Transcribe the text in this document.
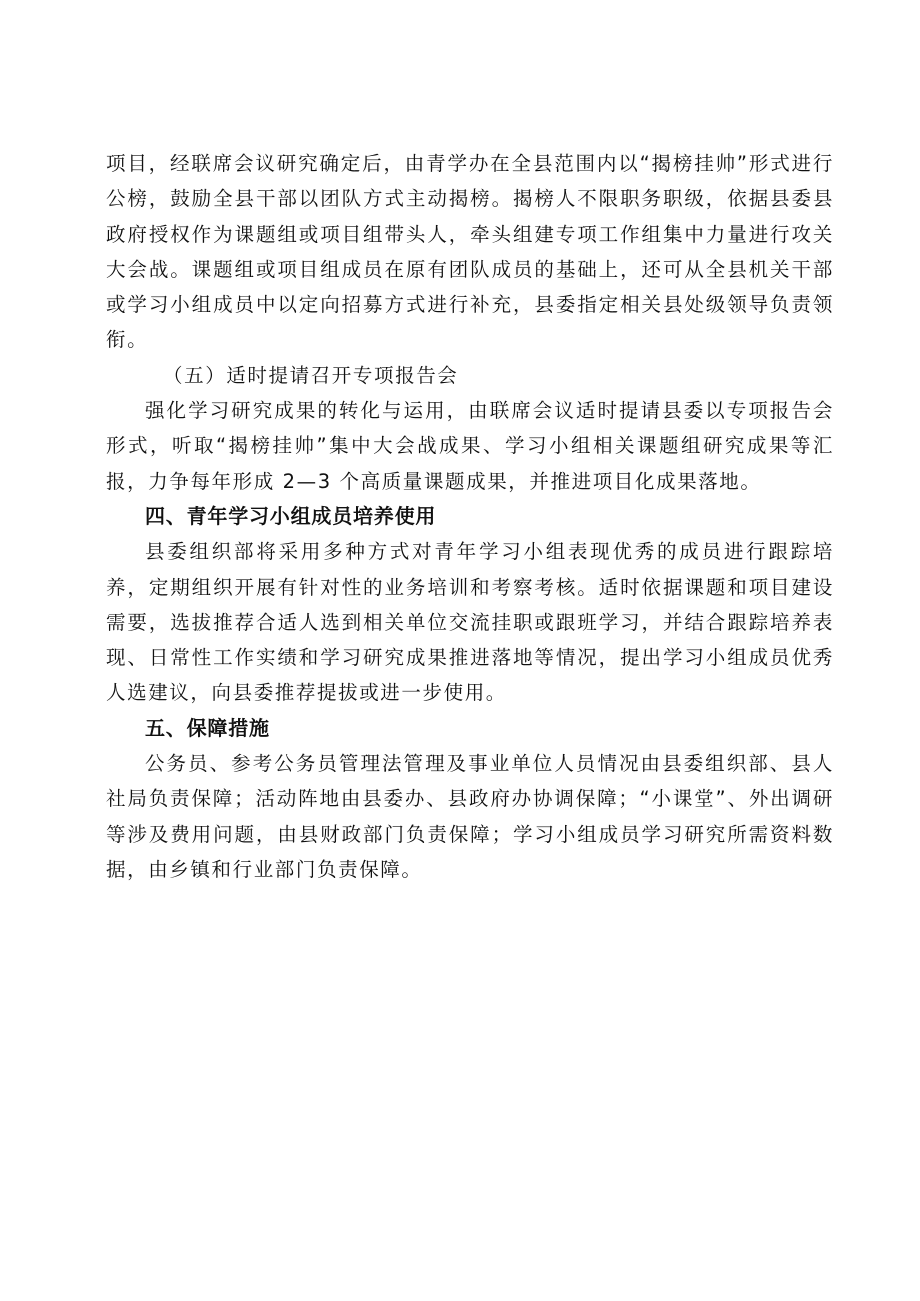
项目，经联席会议研究确定后，由青学办在全县范围内以“揭榜挂帅”形式进行公榜，鼓励全县干部以团队方式主动揭榜。揭榜人不限职务职级，依据县委县政府授权作为课题组或项目组带头人，牵头组建专项工作组集中力量进行攻关大会战。课题组或项目组成员在原有团队成员的基础上，还可从全县机关干部或学习小组成员中以定向招募方式进行补充，县委指定相关县处级领导负责领衔。

（五）适时提请召开专项报告会

强化学习研究成果的转化与运用，由联席会议适时提请县委以专项报告会形式，听取“揭榜挂帅”集中大会战成果、学习小组相关课题组研究成果等汇报，力争每年形成 2—3 个高质量课题成果，并推进项目化成果落地。

四、青年学习小组成员培养使用

县委组织部将采用多种方式对青年学习小组表现优秀的成员进行跟踪培养，定期组织开展有针对性的业务培训和考察考核。适时依据课题和项目建设需要，选拔推荐合适人选到相关单位交流挂职或跟班学习，并结合跟踪培养表现、日常性工作实绩和学习研究成果推进落地等情况，提出学习小组成员优秀人选建议，向县委推荐提拔或进一步使用。

五、保障措施

公务员、参考公务员管理法管理及事业单位人员情况由县委组织部、县人社局负责保障；活动阵地由县委办、县政府办协调保障；“小课堂”、外出调研等涉及费用问题，由县财政部门负责保障；学习小组成员学习研究所需资料数据，由乡镇和行业部门负责保障。
